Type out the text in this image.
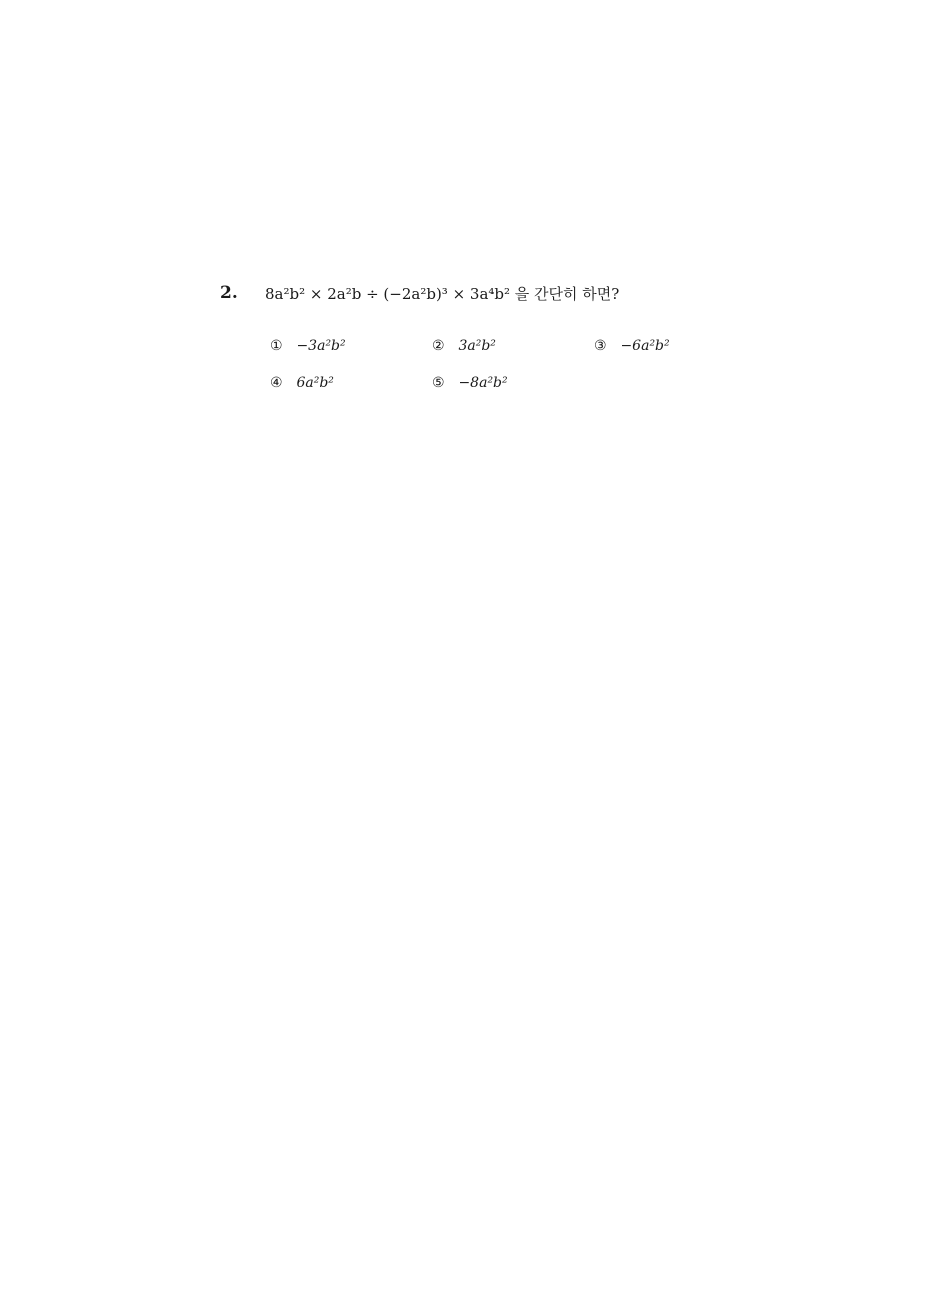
2. 8a²b² × 2a²b ÷ (−2a²b)³ × 3a⁴b² 을 간단히 하면?
① −3a²b²	② 3a²b²	③ −6a²b²
④ 6a²b²	⑤ −8a²b²
